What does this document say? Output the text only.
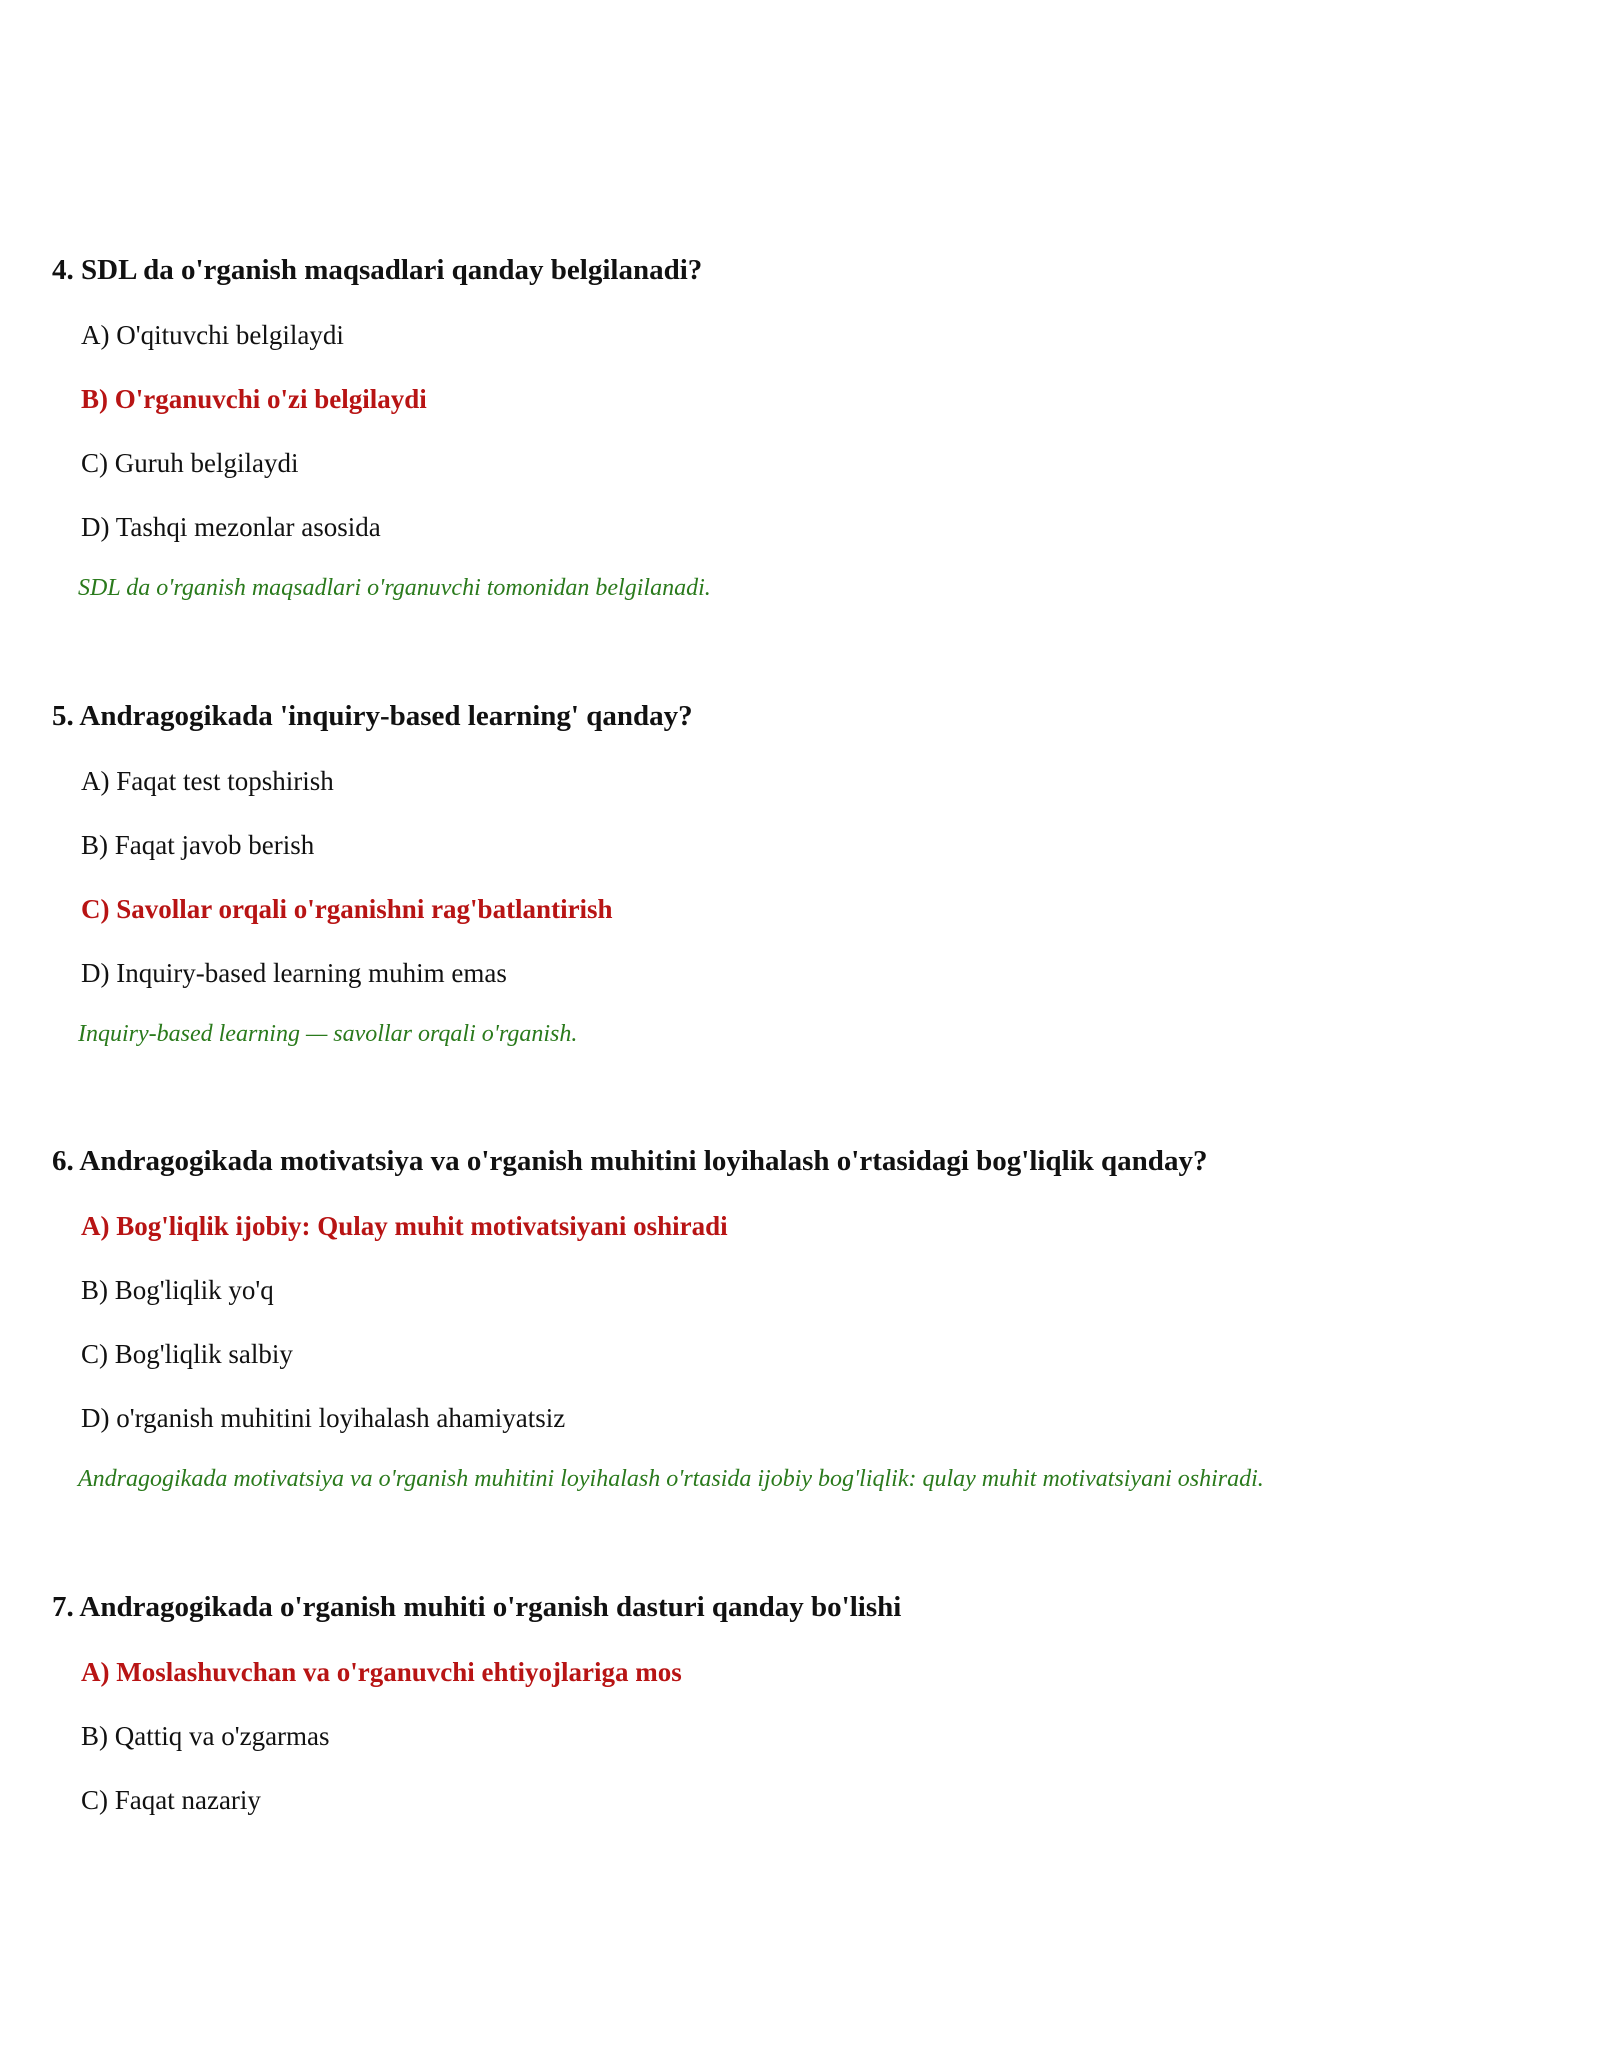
4. SDL da o'rganish maqsadlari qanday belgilanadi?

A) O'qituvchi belgilaydi
B) O'rganuvchi o'zi belgilaydi
C) Guruh belgilaydi
D) Tashqi mezonlar asosida
SDL da o'rganish maqsadlari o'rganuvchi tomonidan belgilanadi.

5. Andragogikada 'inquiry-based learning' qanday?

A) Faqat test topshirish
B) Faqat javob berish
C) Savollar orqali o'rganishni rag'batlantirish
D) Inquiry-based learning muhim emas
Inquiry-based learning — savollar orqali o'rganish.

6. Andragogikada motivatsiya va o'rganish muhitini loyihalash o'rtasidagi bog'liqlik qanday?

A) Bog'liqlik ijobiy: Qulay muhit motivatsiyani oshiradi
B) Bog'liqlik yo'q
C) Bog'liqlik salbiy
D) o'rganish muhitini loyihalash ahamiyatsiz
Andragogikada motivatsiya va o'rganish muhitini loyihalash o'rtasida ijobiy bog'liqlik: qulay muhit motivatsiyani oshiradi.

7. Andragogikada o'rganish muhiti o'rganish dasturi qanday bo'lishi

A) Moslashuvchan va o'rganuvchi ehtiyojlariga mos
B) Qattiq va o'zgarmas
C) Faqat nazariy
